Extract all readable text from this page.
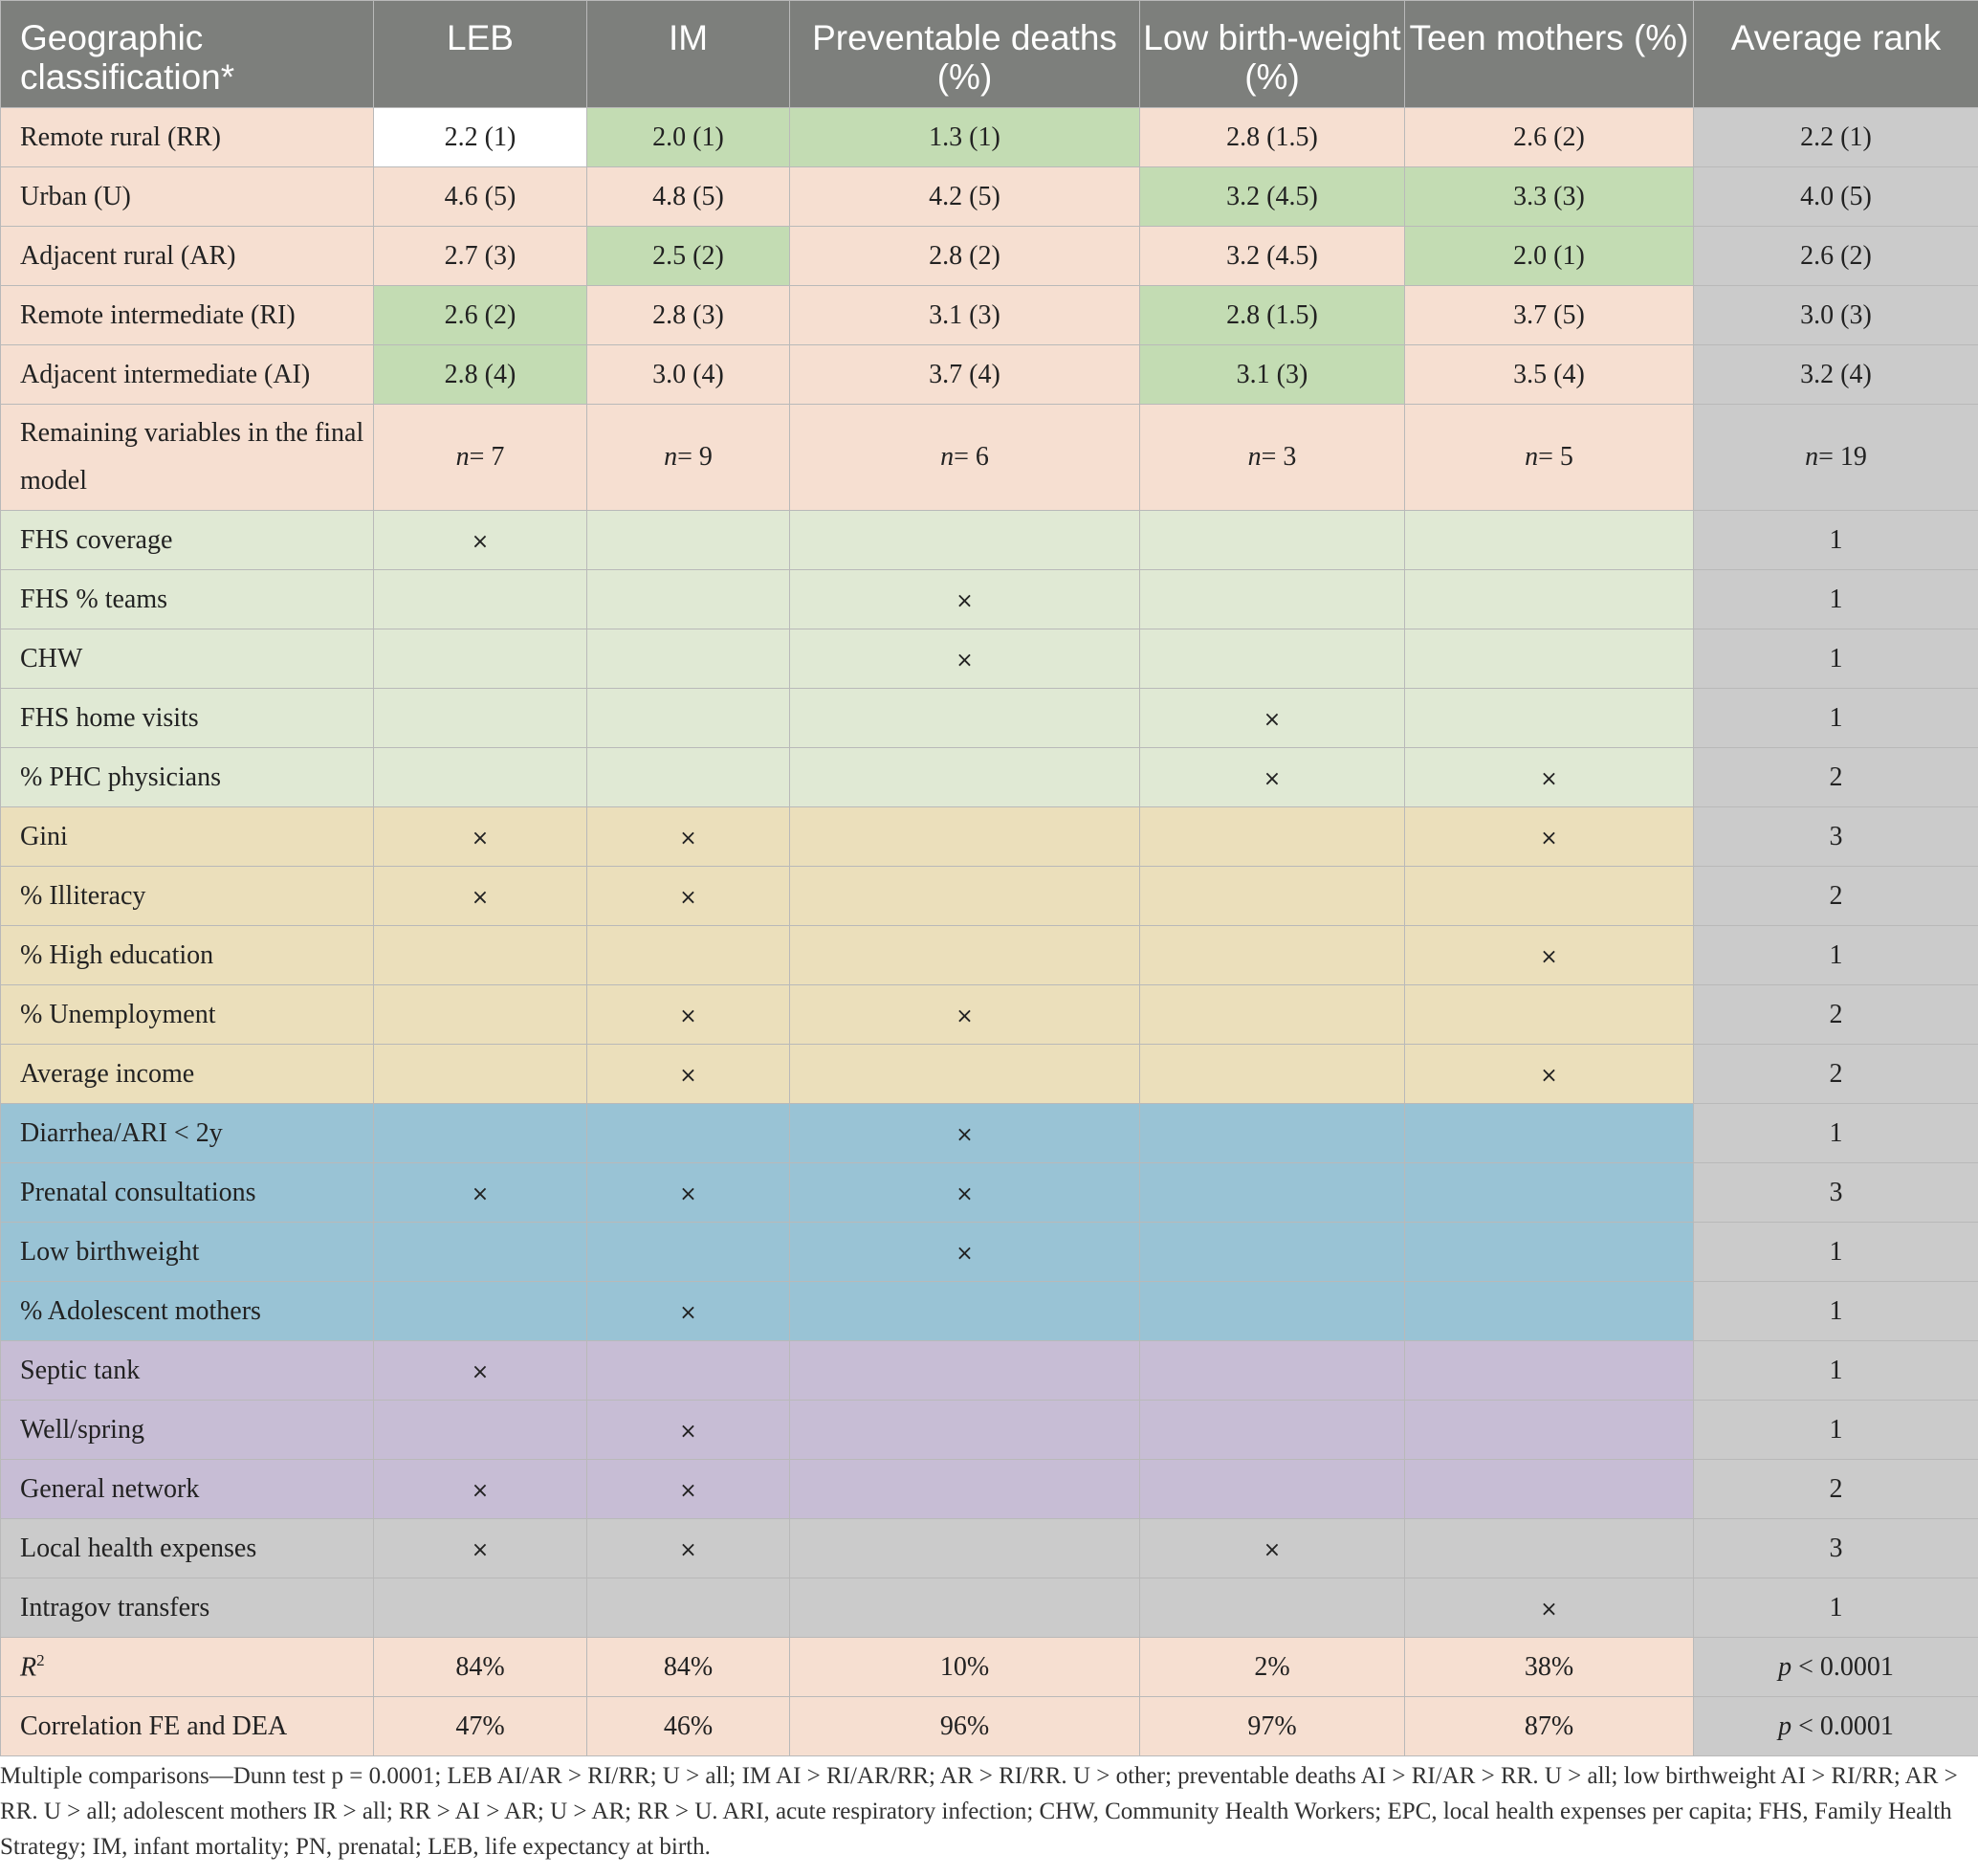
Geographic classification*	LEB	IM	Preventable deaths (%)	Low birth-weight (%)	Teen mothers (%)	Average rank
Remote rural (RR)	2.2 (1)	2.0 (1)	1.3 (1)	2.8 (1.5)	2.6 (2)	2.2 (1)
Urban (U)	4.6 (5)	4.8 (5)	4.2 (5)	3.2 (4.5)	3.3 (3)	4.0 (5)
Adjacent rural (AR)	2.7 (3)	2.5 (2)	2.8 (2)	3.2 (4.5)	2.0 (1)	2.6 (2)
Remote intermediate (RI)	2.6 (2)	2.8 (3)	3.1 (3)	2.8 (1.5)	3.7 (5)	3.0 (3)
Adjacent intermediate (AI)	2.8 (4)	3.0 (4)	3.7 (4)	3.1 (3)	3.5 (4)	3.2 (4)
Remaining variables in the final model	n= 7	n= 9	n= 6	n= 3	n= 5	n= 19
FHS coverage	×					1
FHS % teams			×			1
CHW			×			1
FHS home visits				×		1
% PHC physicians				×	×	2
Gini	×	×			×	3
% Illiteracy	×	×				2
% High education					×	1
% Unemployment		×	×			2
Average income		×			×	2
Diarrhea/ARI < 2y			×			1
Prenatal consultations	×	×	×			3
Low birthweight			×			1
% Adolescent mothers		×				1
Septic tank	×					1
Well/spring		×				1
General network	×	×				2
Local health expenses	×	×		×		3
Intragov transfers					×	1
$R^2$	84%	84%	10%	2%	38%	p < 0.0001
Correlation FE and DEA	47%	46%	96%	97%	87%	p < 0.0001
Multiple comparisons—Dunn test p = 0.0001; LEB AI/AR > RI/RR; U > all; IM AI > RI/AR/RR; AR > RI/RR. U > other; preventable deaths AI > RI/AR > RR. U > all; low birthweight AI > RI/RR; AR > RR. U > all; adolescent mothers IR > all; RR > AI > AR; U > AR; RR > U. ARI, acute respiratory infection; CHW, Community Health Workers; EPC, local health expenses per capita; FHS, Family Health Strategy; IM, infant mortality; PN, prenatal; LEB, life expectancy at birth.
